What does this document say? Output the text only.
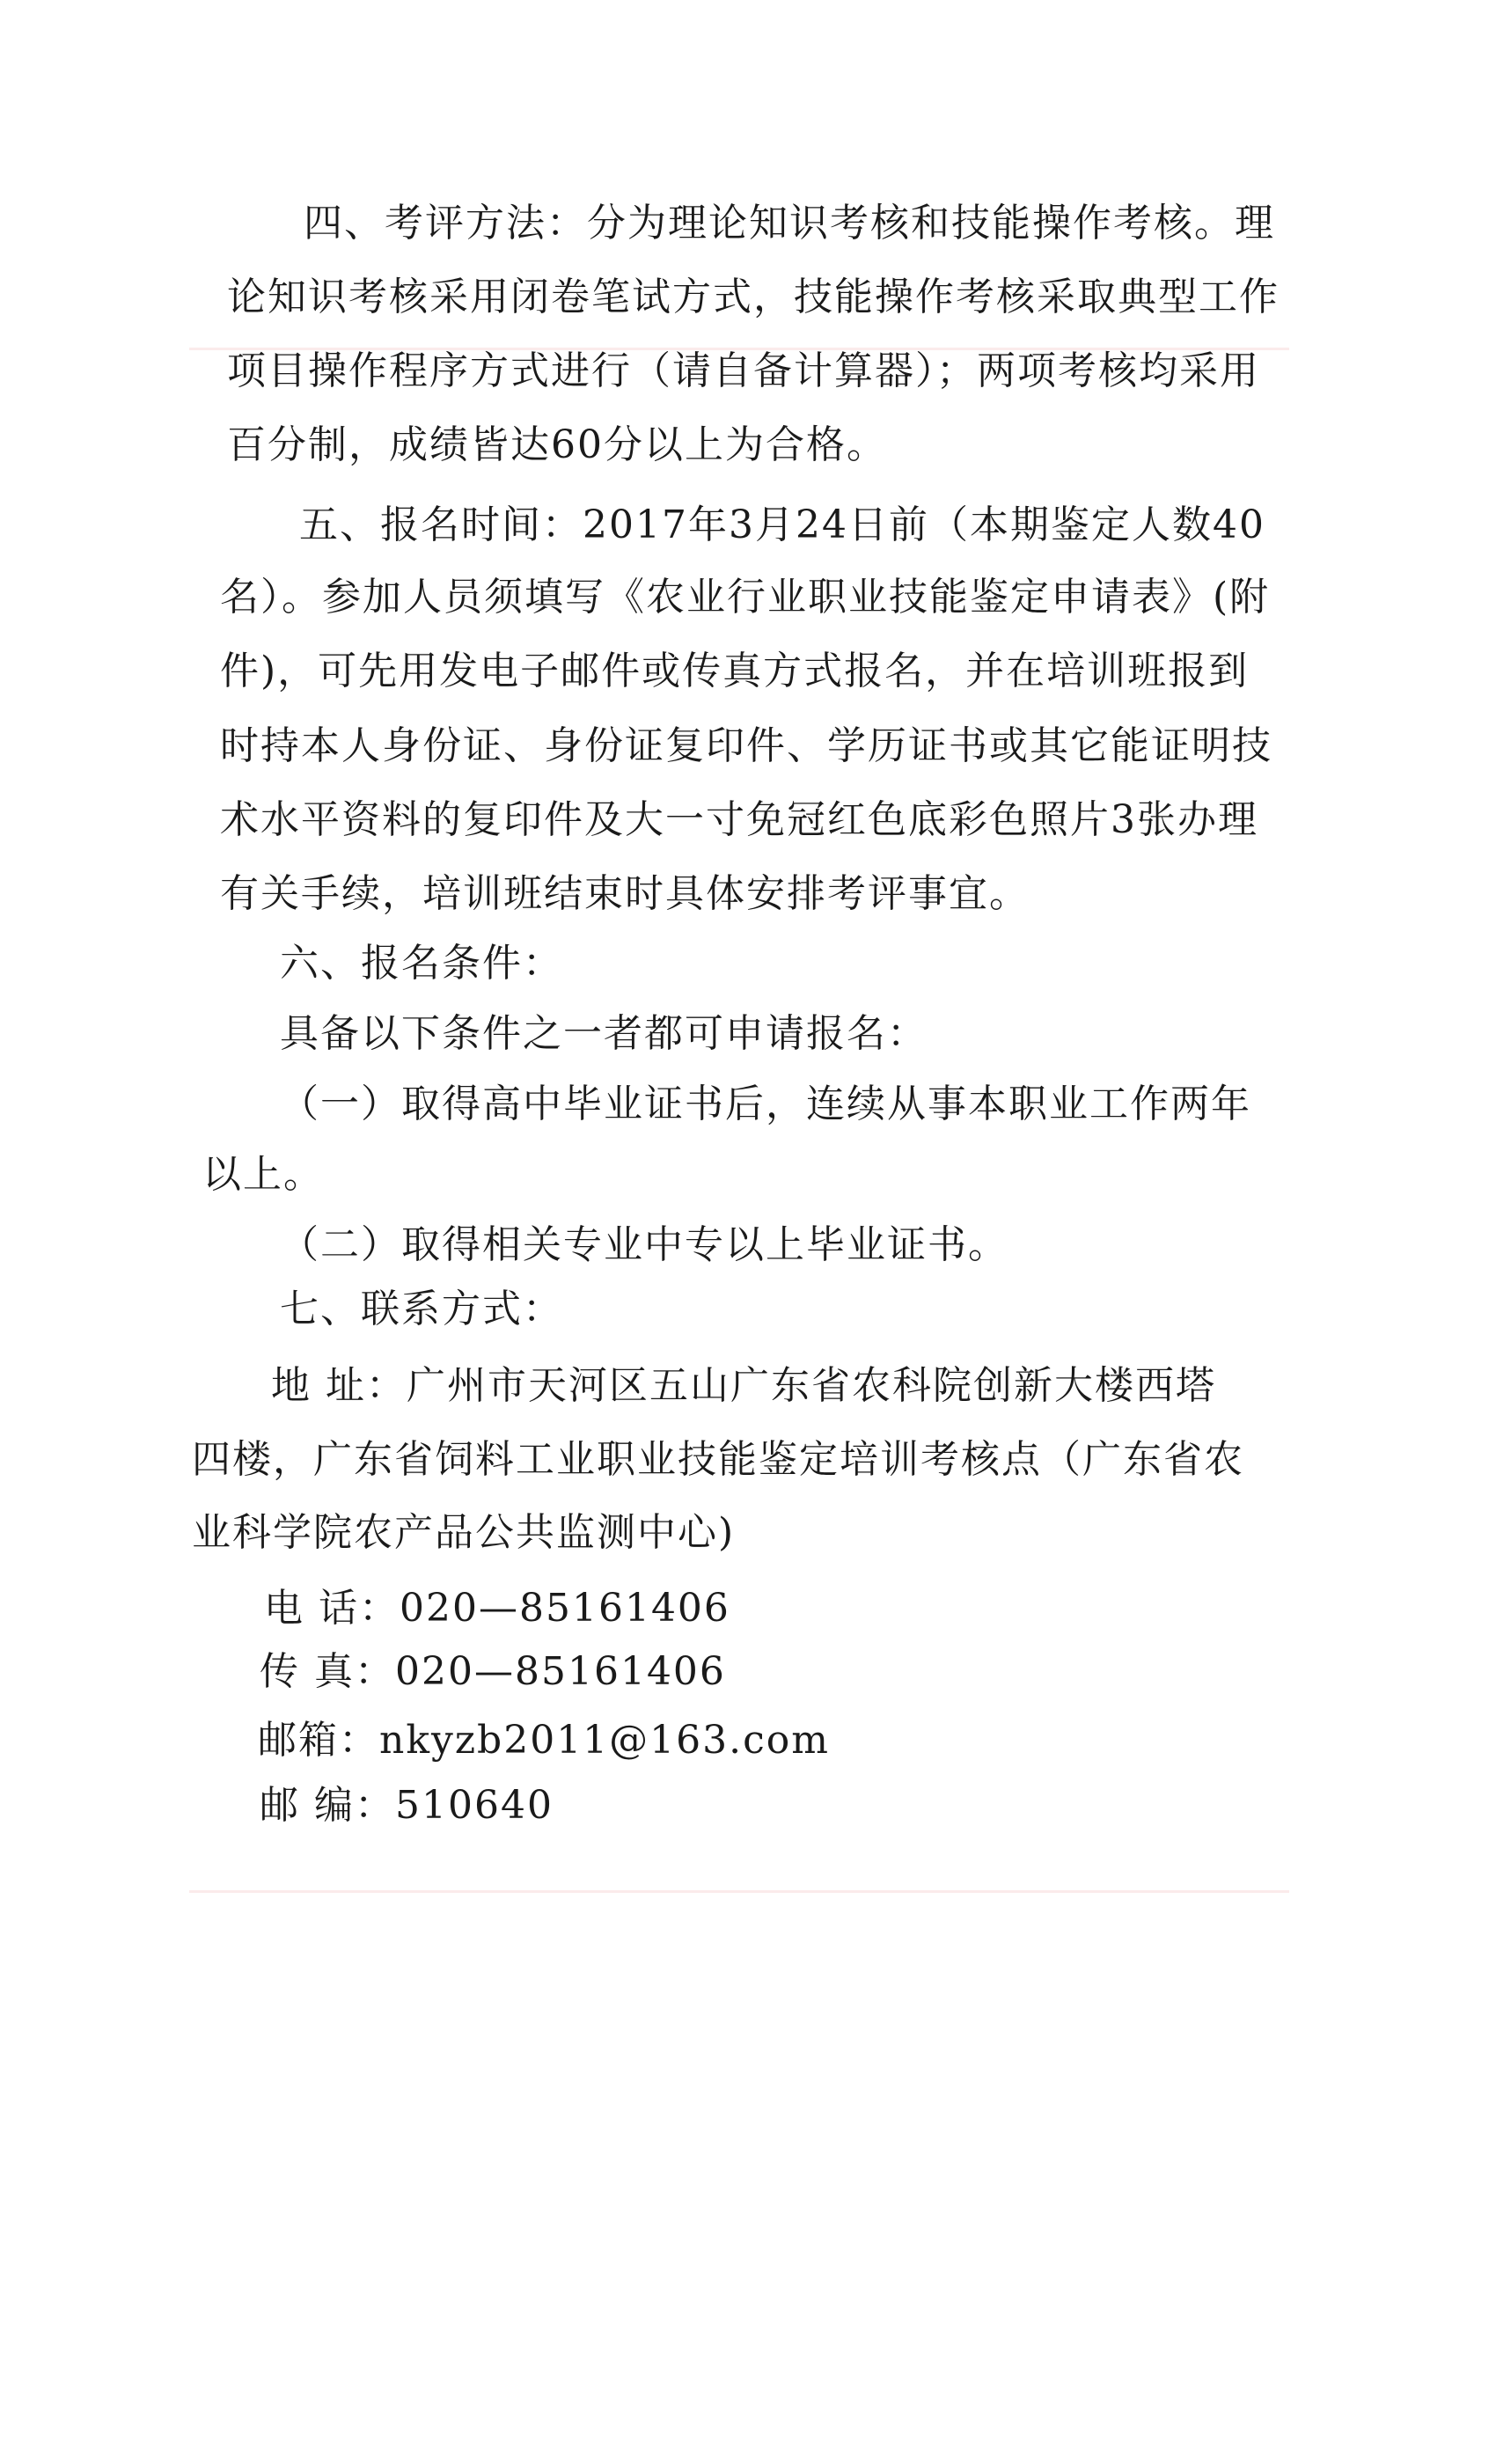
四、考评方法：分为理论知识考核和技能操作考核。理
论知识考核采用闭卷笔试方式，技能操作考核采取典型工作
项目操作程序方式进行（请自备计算器）；两项考核均采用
百分制，成绩皆达60分以上为合格。
五、报名时间：2017年3月24日前（本期鉴定人数40
名）。参加人员须填写《农业行业职业技能鉴定申请表》(附
件)，可先用发电子邮件或传真方式报名，并在培训班报到
时持本人身份证、身份证复印件、学历证书或其它能证明技
术水平资料的复印件及大一寸免冠红色底彩色照片3张办理
有关手续，培训班结束时具体安排考评事宜。
六、报名条件：
具备以下条件之一者都可申请报名：
（一）取得高中毕业证书后，连续从事本职业工作两年
以上。
（二）取得相关专业中专以上毕业证书。
七、联系方式：
地 址：广州市天河区五山广东省农科院创新大楼西塔
四楼，广东省饲料工业职业技能鉴定培训考核点（广东省农
业科学院农产品公共监测中心)
电 话：020—85161406
传 真：020—85161406
邮箱：nkyzb2011@163.com
邮 编：510640
